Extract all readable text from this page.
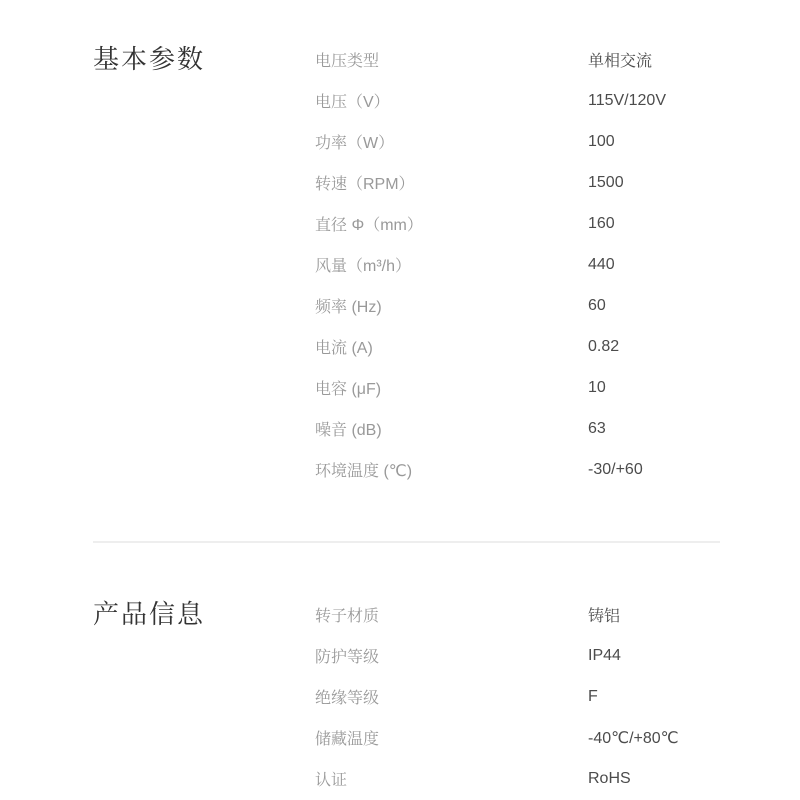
基本参数	电压类型	单相交流
电压（V）	115V/120V
功率（W）	100
转速（RPM）	1500
直径 Φ（mm）	160
风量（m³/h）	440
频率 (Hz)	60
电流 (A)	0.82
电容 (μF)	10
噪音 (dB)	63
环境温度 (℃)	-30/+60
产品信息	转子材质	铸铝
防护等级	IP44
绝缘等级	F
储藏温度	-40℃/+80℃
认证	RoHS
